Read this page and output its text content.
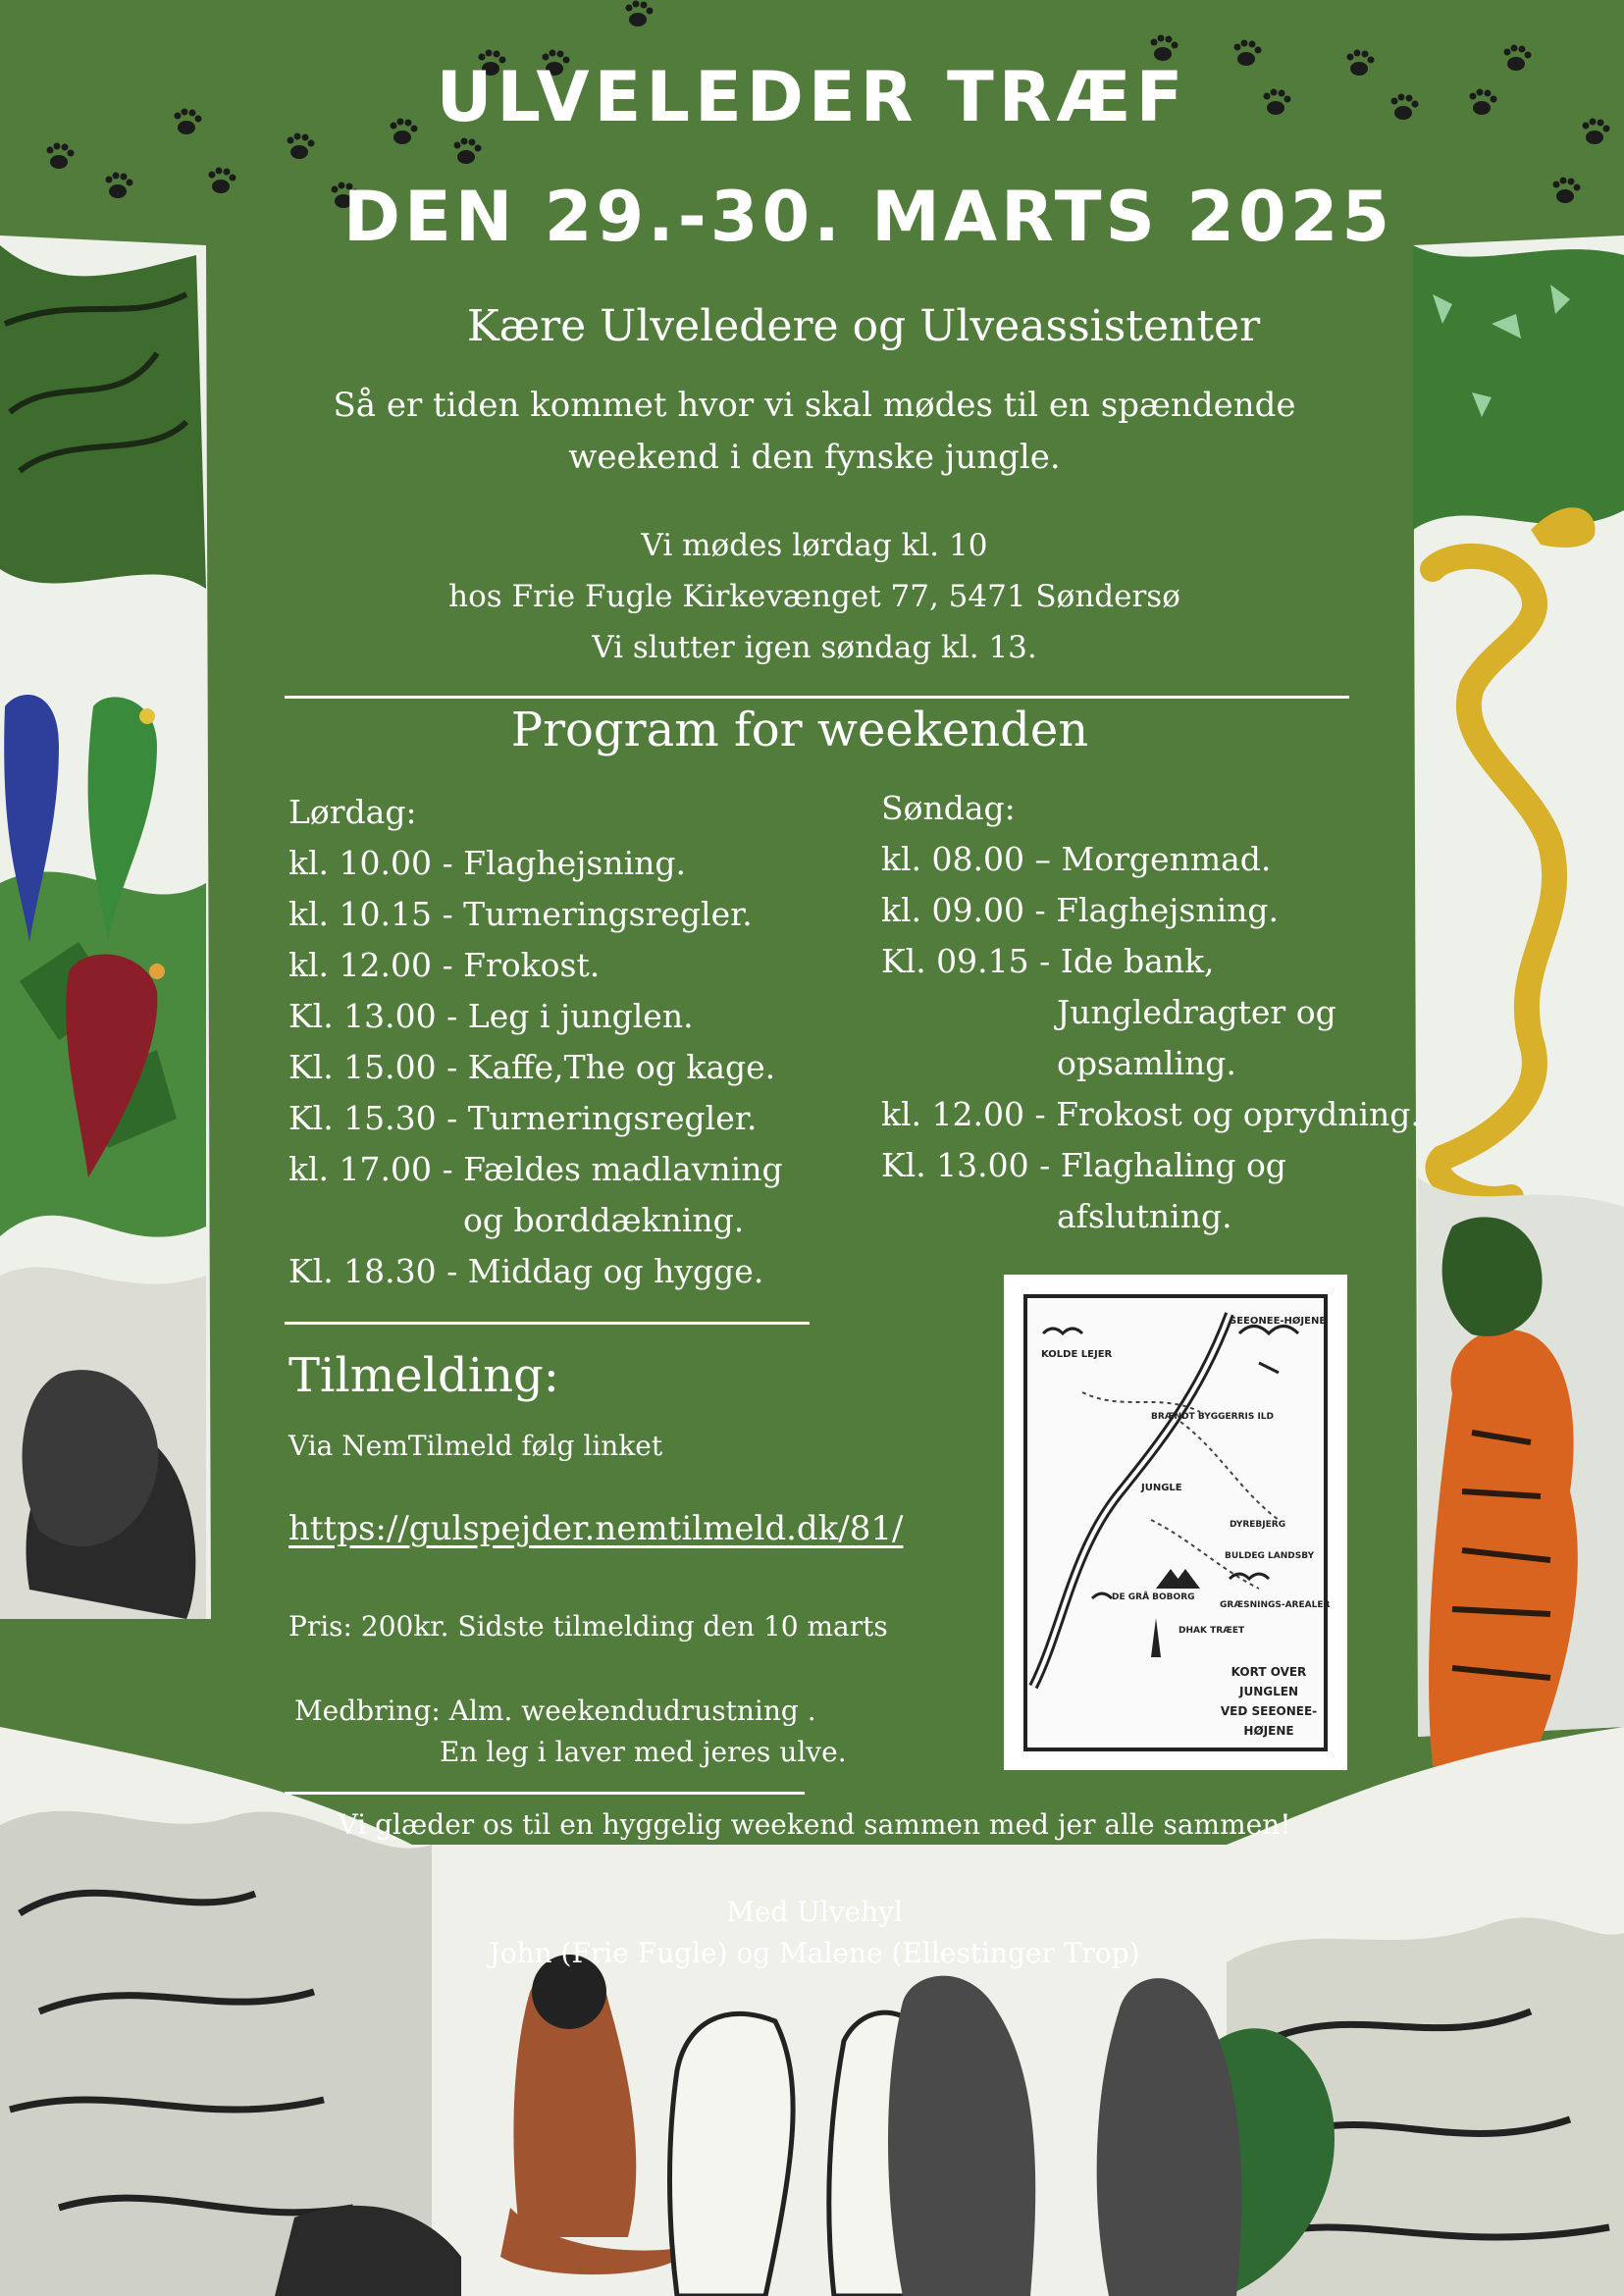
ULVELEDER TRÆF
DEN 29.-30. MARTS 2025
Kære Ulveledere og Ulveassistenter
Så er tiden kommet hvor vi skal mødes til en spændende
weekend i den fynske jungle.
Vi mødes lørdag kl. 10
hos Frie Fugle Kirkevænget 77, 5471 Søndersø
Vi slutter igen søndag kl. 13.
Program for weekenden
Lørdag:
kl. 10.00 - Flaghejsning.
kl. 10.15 - Turneringsregler.
kl. 12.00 - Frokost.
Kl. 13.00 - Leg i junglen.
Kl. 15.00 - Kaffe,The og kage.
Kl. 15.30 - Turneringsregler.
kl. 17.00 - Fældes madlavning
og borddækning.
Kl. 18.30 - Middag og hygge.
Søndag:
kl. 08.00 – Morgenmad.
kl. 09.00 - Flaghejsning.
Kl. 09.15 - Ide bank,
Jungledragter og
opsamling.
kl. 12.00 - Frokost og oprydning.
Kl. 13.00 - Flaghaling og
afslutning.
Tilmelding:
Via NemTilmeld følg linket
https://gulspejder.nemtilmeld.dk/81/
Pris: 200kr. Sidste tilmelding den 10 marts
Medbring: Alm. weekendudrustning .
En leg i laver med jeres ulve.
SEEONEE-HØJENE
KOLDE LEJER
BRÆNDT BYGGERRIS ILD
JUNGLE
DYREBJERG
BULDEG LANDSBY
DE GRÅ BOBORG
DHAK TRÆET
GRÆSNINGS-AREALER
KORT OVER
JUNGLEN
VED SEEONEE-
HØJENE
Vi glæder os til en hyggelig weekend sammen med jer alle sammen!
Med Ulvehyl
John (Frie Fugle) og Malene (Ellestinger Trop)
